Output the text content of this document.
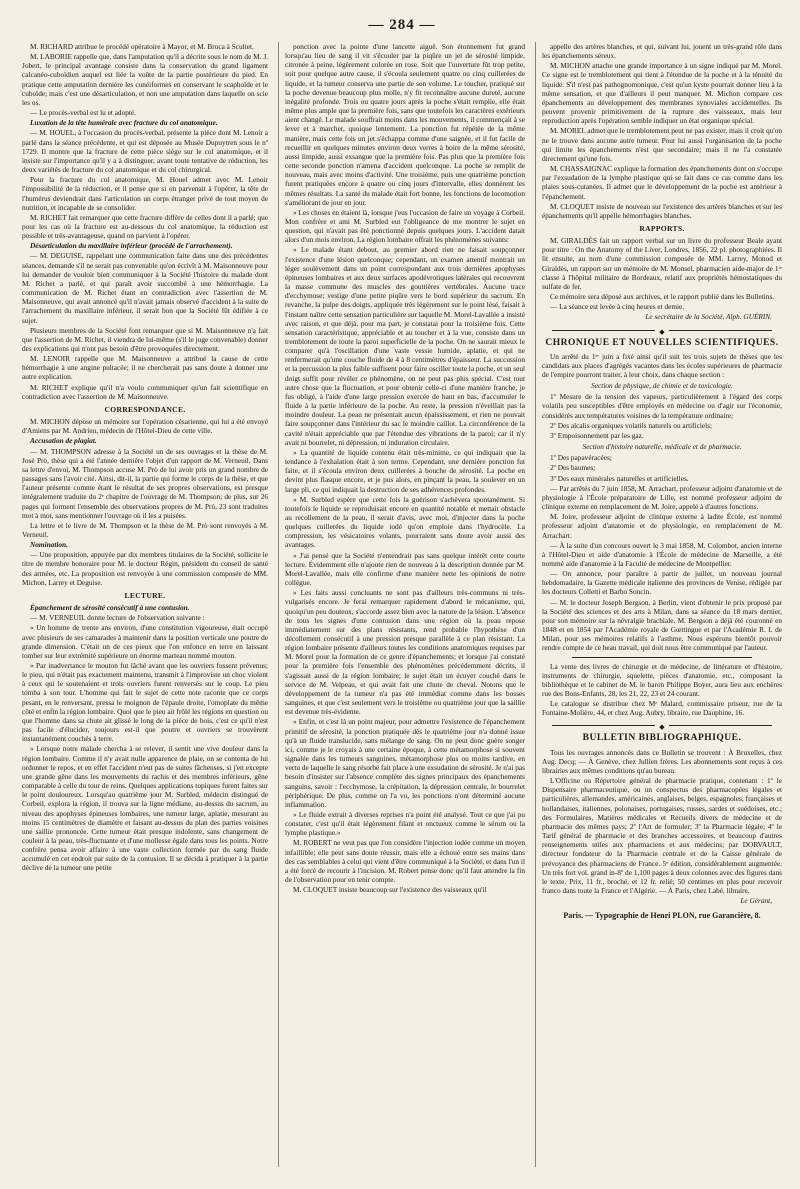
— 284 —

M. RICHARD attribue le procédé opératoire à Mayor, et M. Broca à Scultet.

M. LABORIE rappelle que, dans l'amputation qu'il a décrite sous le nom de M. J. Jobert, le principal avantage consiste dans la conservation du grand ligament calcanéo-cuboïdien auquel est liée la voûte de la partie postérieure du pied. En pratique cette amputation dernière les cunéiformes en conservant le scaphoïde et le cuboïde; mais c'est une désarticulation, et non une amputation dans laquelle on scie les os.

— Le procès-verbal est lu et adopté.

Luxation de la tête humérale avec fracture du col anatomique.

— M. HOUEL, à l'occasion du procès-verbal, présente la pièce dont M. Lenoir a parlé dans la séance précédente, et qui est déposée au Musée Dupuytren sous le nº 1729. Il montre que la fracture de cette pièce siége sur le col anatomique, et il insiste sur l'importance qu'il y a à distinguer, avant toute tentative de réduction, les deux variétés de fracture du col anatomique et du col chirurgical.

Pour la fracture du col anatomique, M. Houel admet avec M. Lenoir l'impossibilité de la réduction, et il pense que si on parvenait à l'opérer, la tête de l'humérus deviendrait dans l'articulation un corps étranger privé de tout moyen de nutrition, et incapable de se consolider.

M. RICHET fait remarquer que cette fracture diffère de celles dont il a parlé; que pour les cas où la fracture est au-dessous du col anatomique, la réduction est possible et très-avantageuse, quand on parvient à l'opérer.

Désarticulation du maxillaire inférieur (procédé de l'arrachement).

— M. DEGUISE, rappelant une communication faite dans une des précédentes séances, demande s'il ne serait pas convenable qu'on écrivît à M. Maisonneuve pour lui demander de vouloir bien communiquer à la Société l'histoire du malade dont M. Richet a parlé, et qui paraît avoir succombé à une hémorrhagie. La communication de M. Richet étant en contradiction avec l'assertion de M. Maisonneuve, qui avait annoncé qu'il n'avait jamais observé d'accident à la suite de l'arrachement du maxillaire inférieur, il serait bon que la Société fût édifiée à ce sujet.

Plusieurs membres de la Société font remarquer que si M. Maisonneuve n'a fait que l'assertion de M. Richet, il viendra de lui-même (s'il le juge convenable) donner des explications qui n'ont pas besoin d'être provoquées directement.

M. LENOIR rappelle que M. Maisonneuve a attribué la cause de cette hémorrhagie à une angine pultacée; il ne chercherait pas sans doute à donner une autre explication.

M. RICHET explique qu'il n'a voulu communiquer qu'un fait scientifique en contradiction avec l'assertion de M. Maisonneuve.

CORRESPONDANCE.

M. MICHON dépose un mémoire sur l'opération césarienne, qui lui a été envoyé d'Amiens par M. Andrieu, médecin de l'Hôtel-Dieu de cette ville.

Accusation de plagiat.

— M. THOMPSON adresse à la Société un de ses ouvrages et la thèse de M. José Prò, thèse qui a été l'année dernière l'objet d'un rapport de M. Verneuil. Dans sa lettre d'envoi, M. Thompson accuse M. Prò de lui avoir pris un grand nombre de passages sans l'avoir cité. Ainsi, dit-il, la partie qui forme le corps de la thèse, et que l'auteur présente comme étant le résultat de ses propres observations, est presque intégralement traduite du 2ᵉ chapitre de l'ouvrage de M. Thompson; de plus, sur 26 pages qui forment l'ensemble des observations propres de M. Prò, 23 sont traduites mot à mot, sans mentionner l'ouvrage où il les a puisées.

La lettre et le livre de M. Thompson et la thèse de M. Prò sont renvoyés à M. Verneuil.

Nomination.

— Une proposition, appuyée par dix membres titulaires de la Société, sollicite le titre de membre honoraire pour M. le docteur Régin, président du conseil de santé des armées, etc. La proposition est renvoyée à une commission composée de MM. Michon, Larrey et Deguise.

LECTURE.

Épanchement de sérosité consécutif à une contusion.

— M. VERNEUIL donne lecture de l'observation suivante :

« Un homme de trente ans environ, d'une constitution vigoureuse, était occupé avec plusieurs de ses camarades à maintenir dans la position verticale une poutre de grande dimension. C'était un de ces pieux que l'on enfonce en terre en laissant tomber sur leur extrémité supérieure un énorme marteau nommé mouton.

» Par inadvertance le mouton fut lâché avant que les ouvriers fussent prévenus; le pieu, qui n'était pas exactement maintenu, transmit à l'improviste un choc violent à ceux qui le soutenaient et trois ouvriers furent renversés sur le coup. Le pieu tomba à son tour. L'homme qui fait le sujet de cette note raconte que ce corps pesant, en le renversant, pressa le moignon de l'épaule droite, l'omoplate du même côté et enfin la région lombaire. Quoi que le pieu ait frôlé les régions en question ou que l'homme dans sa chute ait glissé le long de la pièce de bois, c'est ce qu'il n'est pas facile d'élucider, toujours est-il que poutre et ouvriers se trouvèrent instantanément couchés à terre.

» Lorsque notre malade chercha à se relever, il sentit une vive douleur dans la région lombaire. Comme il n'y avait nulle apparence de plaie, on se contenta de lui ordonner le repos, et en effet l'accident n'eut pas de suites fâcheuses, si j'en excepte une grande gêne dans les mouvements du rachis et des membres inférieurs, gêne comparable à celle du tour de reins. Quelques applications topiques furent faites sur le point douloureux. Lorsqu'au quatrième jour M. Surbled, médecin distingué de Corbeil, explora la région, il trouva sur la ligne médiane, au-dessus du sacrum, au niveau des apophyses épineuses lombaires, une tumeur large, aplatie, mesurant au moins 15 centimètres de diamètre et faisant au-dessus du plan des parties voisines une saillie prononcée. Cette tumeur était presque indolente, sans changement de couleur à la peau, très-fluctuante et d'une mollesse égale dans tous les points. Notre confrère pensa avoir affaire à une vaste collection formée par du sang fluide accumulé en cet endroit par suite de la contusion. Il se décida à pratiquer à la partie déclive de la tumeur une petite

ponction avec la pointe d'une lancette aiguë. Son étonnement fut grand lorsqu'au lieu de sang il vit s'écouler par la piqûre un jet de sérosité limpide, citronée à peine, légèrement colorée en rose. Soit que l'ouverture fût trop petite, soit pour quelque autre cause, il s'écoula seulement quatre ou cinq cuillerées de liquide, et la tumeur conserva une partie de son volume. Le toucher, pratiqué sur la poche devenue beaucoup plus molle, n'y fit reconnaître aucune dureté, aucune inégalité profonde. Trois ou quatre jours après la poche s'était remplie, elle était même plus ample que la première fois, sans que toutefois les caractères extérieurs aient changé. Le malade souffrait moins dans les mouvements, il commençait à se lever et à marcher, quoique lentement. La ponction fut répétée de la même manière, mais cette fois un jet s'échappa comme d'une saignée, et il fut facile de recueillir en quelques minutes environ deux verres à boire de la même sérosité, aussi limpide, aussi exsangue que la première fois. Pas plus que la première fois cette seconde ponction n'amena d'accident quelconque. La poche se remplit de nouveau, mais avec moins d'activité. Une troisième, puis une quatrième ponction furent pratiquées encore à quatre ou cinq jours d'intervalle, elles donnèrent les mêmes résultats. La santé du malade était fort bonne, les fonctions de locomotion s'améliorant de jour en jour.

» Les choses en étaient là, lorsque j'eus l'occasion de faire un voyage à Corbeil. Mon confrère et ami M. Surbled eut l'obligeance de me montrer le sujet en question, qui n'avait pas été ponctionné depuis quelques jours. L'accident datait alors d'un mois environ. La région lombaire offrait les phénomènes suivants:

» Le malade étant debout, au premier abord rien ne faisait soupçonner l'existence d'une lésion quelconque; cependant, un examen attentif montrait un léger soulèvement dans un point correspondant aux trois dernières apophyses épineuses lombaires et aux deux surfaces apodévrotiques latérales qui recouvrent la masse commune des muscles des gouttières vertébrales. Aucune trace d'ecchymose; vestige d'une petite piqûre vers le bord supérieur du sacrum. En revanche, la pulpe des doigts, appliquée très légèrement sur le point lésé, faisait à l'instant naître cette sensation particulière sur laquelle M. Morel-Lavallée a insisté avec raison, et que déjà, pour ma part, je constatai pour la troisième fois. Cette sensation caractéristique, appréciable et au toucher et à la vue, consiste dans un tremblotement de toute la paroi superficielle de la poche. On ne saurait mieux le comparer qu'à l'oscillation d'une vaste vessie humide, aplatie, et qui ne renfermerait qu'une couche fluide de 4 à 8 centimètres d'épaisseur. La succussion et la percussion la plus faible suffisent pour faire osciller toute la poche, et un seul doigt suffit pour révéler ce phénomène, on ne peut pas plus spécial. C'est tout autre chose que la fluctuation, et pour obtenir celle-ci d'une manière franche, je fus obligé, à l'aide d'une large pression exercée de haut en bas, d'accumuler le fluide à la partie inférieure de la poche. Au reste, la pression n'éveillait pas la moindre douleur. La peau ne présentait aucun épaississement, et rien ne pouvait faire soupçonner dans l'intérieur du sac le moindre caillot. La circonférence de la cavité n'était appréciable que par l'étendue des vibrations de la paroi; car il n'y avait ni bourrelet, ni dépression, ni induration circulaire.

» La quantité de liquide contenu était très-minime, ce qui indiquait que la tendance à l'exhalation était à son terme. Cependant, une dernière ponction fut faite, et il s'écoula environ deux cuillerées à bouche de sérosité. La poche en devint plus flasque encore, et je pus alors, en pinçant la peau, la soulever en un large pli, ce qui indiquait la destruction de ses adhérences profondes.

» M. Surbled espère que cette fois la guérison s'achèvera spontanément. Si toutefois le liquide se reproduisait encore en quantité notable et mettait obstacle au recollement de la peau, il serait d'avis, avec moi, d'injecter dans la poche quelques cuillerées du liquide iodé qu'on emploie dans l'hydrocèle. La compression, les vésicatoires volants, pourraient sans doute avoir aussi des avantages.

» J'ai pensé que la Société n'entendrait pas sans quelque intérêt cette courte lecture. Évidemment elle n'ajoute rien de nouveau à la description donnée par M. Morel-Lavallée, mais elle confirme d'une manière nette les opinions de notre collègue.

» Les faits aussi concluants ne sont pas d'ailleurs très-communs ni très-vulgarisés encore. Je ferai remarquer rapidement d'abord le mécanisme, qui, quoiqu'un peu douteux, s'accorde assez bien avec la nature de la lésion. L'absence de tous les signes d'une contusion dans une région où la peau repose immédiatement sur des plans résistants, rend probable l'hypothèse d'un décollement consécutif à une pression presque parallèle à ce plan résistant. La région lombaire présente d'ailleurs toutes les conditions anatomiques requises par M. Morel pour la formation de ce genre d'épanchements; et lorsque j'ai constaté pour la première fois l'ensemble des phénomènes précédemment décrits, il s'agissait aussi de la région lombaire; le sujet était un écuyer couché dans le service de M. Velpeau, et qui avait fait une chute de cheval. Notons que le développement de la tumeur n'a pas été immédiat comme dans les bosses sanguines, et que c'est seulement vers le troisième ou quatrième jour que la saillie est devenue très-évidente.

» Enfin, et c'est là un point majeur, pour admettre l'existence de l'épanchement primitif de sérosité, la ponction pratiquée dès le quatrième jour n'a donné issue qu'à un fluide translucide, sans mélange de sang. On ne peut donc guère songer ici, comme je le croyais à une certaine époque, à cette métamorphose si souvent signalée dans les tumeurs sanguines, métamorphose plus ou moins tardive, en vertu de laquelle le sang résorbé fait place à une exsudation de sérosité. Je n'ai pas besoin d'insister sur l'absence complète des signes principaux des épanchements sanguins, savoir : l'ecchymose, la crépitation, la dépression centrale, le bourrelet périphérique. De plus, comme on l'a vu, les ponctions n'ont déterminé aucune inflammation.

» Le fluide extrait à diverses reprises n'a point été analysé. Tout ce que j'ai pu constater, c'est qu'il était légèrement filant et onctueux comme le sérum ou la lymphe plastique.»

M. ROBERT ne veut pas que l'on considère l'injection iodée comme un moyen infaillible; elle peut sans doute réussir, mais elle a échoué entre ses mains dans des cas semblables à celui qui vient d'être communiqué à la Société, et dans l'un il a été forcé de recourir à l'incision. M. Robert pense donc qu'il faut attendre la fin de l'observation pour en tenir compte.

M. CLOQUET insiste beaucoup sur l'existence des vaisseaux qu'il

appelle des artères blanches, et qui, suivant lui, jouent un très-grand rôle dans les épanchements séreux.

M. MICHON attache une grande importance à un signe indiqué par M. Morel. Ce signe est le tremblotement qui tient à l'étendue de la poche et à la ténuité du liquide. S'il n'est pas pathognomonique, c'est qu'un kyste pourrait donner lieu à la même sensation, et que d'ailleurs il peut manquer. M. Michon compare ces épanchements au développement des membranes synoviales accidentelles. Ils peuvent provenir primitivement de la rupture des vaisseaux, mais leur reproduction après l'opération semble indiquer un état organique spécial.

M. MOREL admet que le tremblotement peut ne pas exister, mais il croit qu'on ne le trouve dans aucune autre tumeur. Pour lui aussi l'organisation de la poche qui limite les épanchements n'est que secondaire; mais il ne l'a constatée directement qu'une fois.

M. CHASSAIGNAC explique la formation des épanchements dont on s'occupe par l'exsudation de la lymphe plastique qui se fait dans ce cas comme dans les plaies sous-cutanées. Il admet que le développement de la poche est antérieur à l'épanchement.

M. CLOQUET insiste de nouveau sur l'existence des artères blanches et sur les épanchements qu'il appelle hémorrhagies blanches.

RAPPORTS.

M. GIRALDÈS fait un rapport verbal sur un livre du professeur Beale ayant pour titre : On the Anatomy of the Liver, Londres, 1856, 22 pl. photographiées. Il lit ensuite, au nom d'une commission composée de MM. Larrey, Monod et Giraldès, un rapport sur un mémoire de M. Monsel, pharmacien aide-major de 1ʳᵉ classe à l'hôpital militaire de Bordeaux, relatif aux propriétés hémostatiques du sulfate de fer.

Ce mémoire sera déposé aux archives, et le rapport publié dans les Bulletins.

— La séance est levée à cinq heures et demie.

Le secrétaire de la Société, Alph. GUÉRIN.
◆
CHRONIQUE ET NOUVELLES SCIENTIFIQUES.

Un arrêté du 1ᵉʳ juin a fixé ainsi qu'il suit les trois sujets de thèses que les candidats aux places d'agrégés vacantes dans les écoles supérieures de pharmacie de l'empire pourront traiter, à leur choix, dans chaque section :

Section de physique, de chimie et de toxicologie.

1º Mesure de la tension des vapeurs, particulièrement à l'égard des corps volatils peu susceptibles d'être employés en médecine ou d'agir sur l'économie, considérés aux températures voisines de la température ordinaire;

2º Des alcalis organiques volatils naturels ou artificiels;

3º Empoisonnement par les gaz.

Section d'histoire naturelle, médicale et de pharmacie.

1º Des papavéracées;

2º Des baumes;

3º Des eaux minérales naturelles et artificielles.

— Par arrêtés du 7 juin 1858, M. Arrachart, professeur adjoint d'anatomie et de physiologie à l'École préparatoire de Lille, est nommé professeur adjoint de clinique externe en remplacement de M. Joire, appelé à d'autres fonctions.

M. Joire, professeur adjoint de clinique externe à ladite École, est nommé professeur adjoint d'anatomie et de physiologie, en remplacement de M. Arrachart.

— À la suite d'un concours ouvert le 3 mai 1858, M. Colombot, ancien interne à l'Hôtel-Dieu et aide d'anatomie à l'École de médecine de Marseille, a été nommé aide d'anatomie à la Faculté de médecine de Montpellier.

— On annonce, pour paraître à partir de juillet, un nouveau journal hebdomadaire, la Gazette médicale italienne des provinces de Venise, rédigée par les docteurs Colletti et Barbo Soncin.

— M. le docteur Joseph Bergson, à Berlin, vient d'obtenir le prix proposé par la Société des sciences et des arts à Milan, dans sa séance du 18 mars dernier, pour son mémoire sur la névralgie brachiale. M. Bergson a déjà été couronné en 1848 et en 1854 par l'Académie royale de Gœttingue et par l'Académie R. I. de Milan, pour ses mémoires relatifs à l'asthme. Nous espérons bientôt pouvoir rendre compte de ce beau travail, qui doit nous être communiqué par l'auteur.

La vente des livres de chirurgie et de médecine, de littérature et d'histoire, instruments de chirurgie, squelette, pièces d'anatomie, etc., composant la bibliothèque et le cabinet de M. le baron Philippe Boyer, aura lieu aux enchères rue des Bons-Enfants, 28, les 21, 22, 23 et 24 courant.

Le catalogue se distribue chez Mᵉ Malard, commissaire priseur, rue de la Fontaine-Molière, 44, et chez Aug. Aubry, libraire, rue Dauphine, 16.

◆
BULLETIN BIBLIOGRAPHIQUE.

Tous les ouvrages annoncés dans ce Bulletin se trouvent : À Bruxelles, chez Aug. Decq; — À Genève, chez Jullien frères. Les abonnements sont reçus à ces librairies aux mêmes conditions qu'au bureau.

L'Officine ou Répertoire général de pharmacie pratique, contenant : 1º le Dispensaire pharmaceutique, ou un conspectus des pharmacopées légales et particulières, allemandes, américaines, anglaises, belges, espagnoles, françaises et hollandaises, italiennes, polonaises, portugaises, russes, sardes et suédoises, etc.; des Formulaires, Matières médicales et Recueils divers de médecine et de pharmacie des mêmes pays; 2º l'Art de formuler; 3º la Pharmacie légale; 4º le Tarif général de pharmacie et des branches accessoires, et beaucoup d'autres renseignements utiles aux pharmaciens et aux médecins; par DORVAULT, directeur fondateur de la Pharmacie centrale et de la Caisse générale de prévoyance des pharmaciens de France. 5ᵉ édition, considérablement augmentée. Un très fort vol. grand in-8º de 1,100 pages à deux colonnes avec des figures dans le texte. Prix, 11 fr., broché, et 12 fr. relié; 50 centimes en plus pour recevoir franco dans toute la France et l'Algérie. — À Paris, chez Labé, libraire.

Le Gérant,
Paris. — Typographie de Henri PLON, rue Garancière, 8.
